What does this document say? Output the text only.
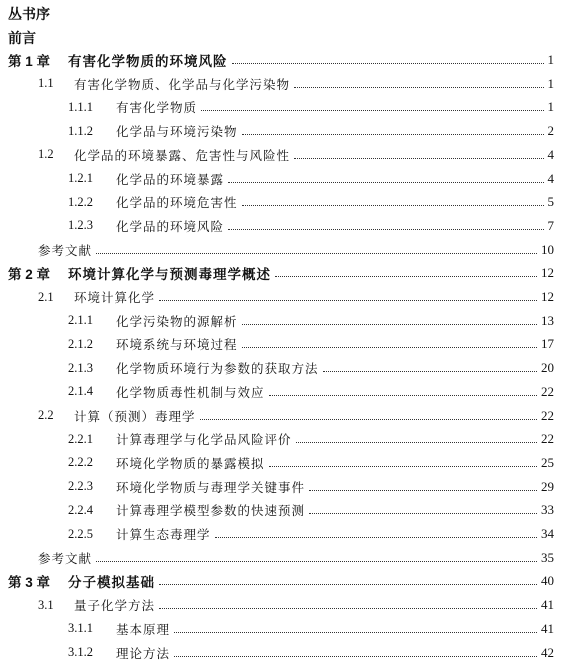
丛书序
前言
第 1 章	有害化学物质的环境风险	1
1.1	有害化学物质、化学品与化学污染物	1
1.1.1	有害化学物质	1
1.1.2	化学品与环境污染物	2
1.2	化学品的环境暴露、危害性与风险性	4
1.2.1	化学品的环境暴露	4
1.2.2	化学品的环境危害性	5
1.2.3	化学品的环境风险	7
参考文献	10
第 2 章	环境计算化学与预测毒理学概述	12
2.1	环境计算化学	12
2.1.1	化学污染物的源解析	13
2.1.2	环境系统与环境过程	17
2.1.3	化学物质环境行为参数的获取方法	20
2.1.4	化学物质毒性机制与效应	22
2.2	计算（预测）毒理学	22
2.2.1	计算毒理学与化学品风险评价	22
2.2.2	环境化学物质的暴露模拟	25
2.2.3	环境化学物质与毒理学关键事件	29
2.2.4	计算毒理学模型参数的快速预测	33
2.2.5	计算生态毒理学	34
参考文献	35
第 3 章	分子模拟基础	40
3.1	量子化学方法	41
3.1.1	基本原理	41
3.1.2	理论方法	42
